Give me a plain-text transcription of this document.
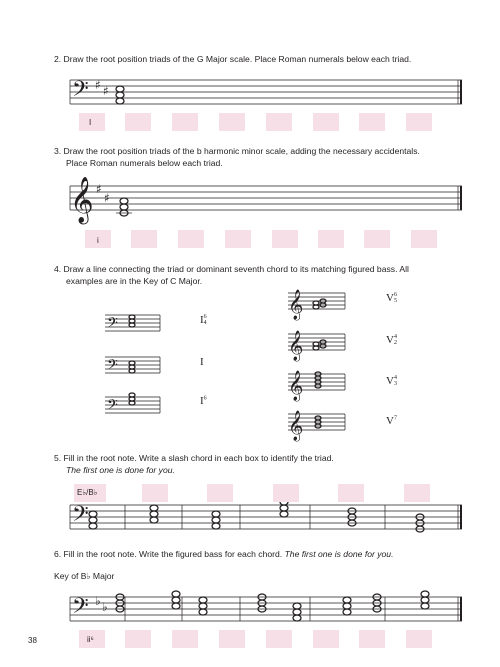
2. Draw the root position triads of the G Major scale. Place Roman numerals below each triad.
𝄢 ♯ ♯
𝄞 ♯
♯
𝄢
𝄢
𝄢
𝄞
𝄞
𝄞
𝄞
𝄢
𝄢 ♭ ♭
I
3. Draw the root position triads of the b harmonic minor scale, adding the necessary accidentals.
Place Roman numerals below each triad.
i
4. Draw a line connecting the triad or dominant seventh chord to its matching figured bass. All
examples are in the Key of C Major.
I6
4
I
$I^6$
V6
5
V4
2
V4
3
$V^7$
5. Fill in the root note. Write a slash chord in each box to identify the triad.
The first one is done for you.
E♭/B♭
6. Fill in the root note. Write the figured bass for each chord. The first one is done for you.
Key of B♭ Major
ii⁶
38
